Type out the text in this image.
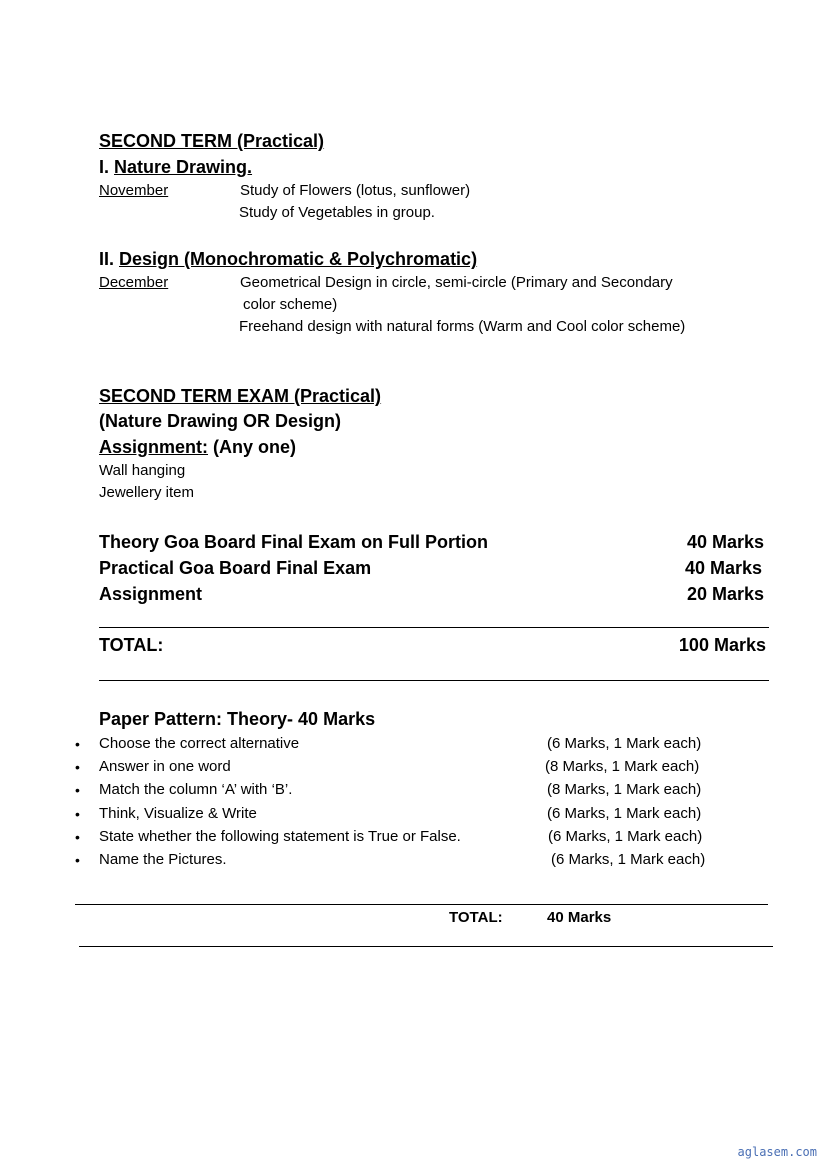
SECOND TERM (Practical)
I. Nature Drawing.
November	Study of Flowers (lotus, sunflower)
Study of Vegetables in group.
II. Design (Monochromatic & Polychromatic)
December	Geometrical Design in circle, semi-circle (Primary and Secondary
color scheme)
Freehand design with natural forms (Warm and Cool color scheme)
SECOND TERM EXAM (Practical)
(Nature Drawing OR Design)
Assignment: (Any one)
Wall hanging
Jewellery item
Theory Goa Board Final Exam on Full Portion	40 Marks
Practical Goa Board Final Exam	40 Marks
Assignment	20 Marks
TOTAL:	100 Marks
Paper Pattern: Theory- 40 Marks
• Choose the correct alternative	(6 Marks, 1 Mark each)
• Answer in one word	(8 Marks, 1 Mark each)
• Match the column ‘A’ with ‘B’.	(8 Marks, 1 Mark each)
• Think, Visualize & Write	(6 Marks, 1 Mark each)
• State whether the following statement is True or False.	(6 Marks, 1 Mark each)
• Name the Pictures.	(6 Marks, 1 Mark each)
TOTAL:	40 Marks
aglasem.com
